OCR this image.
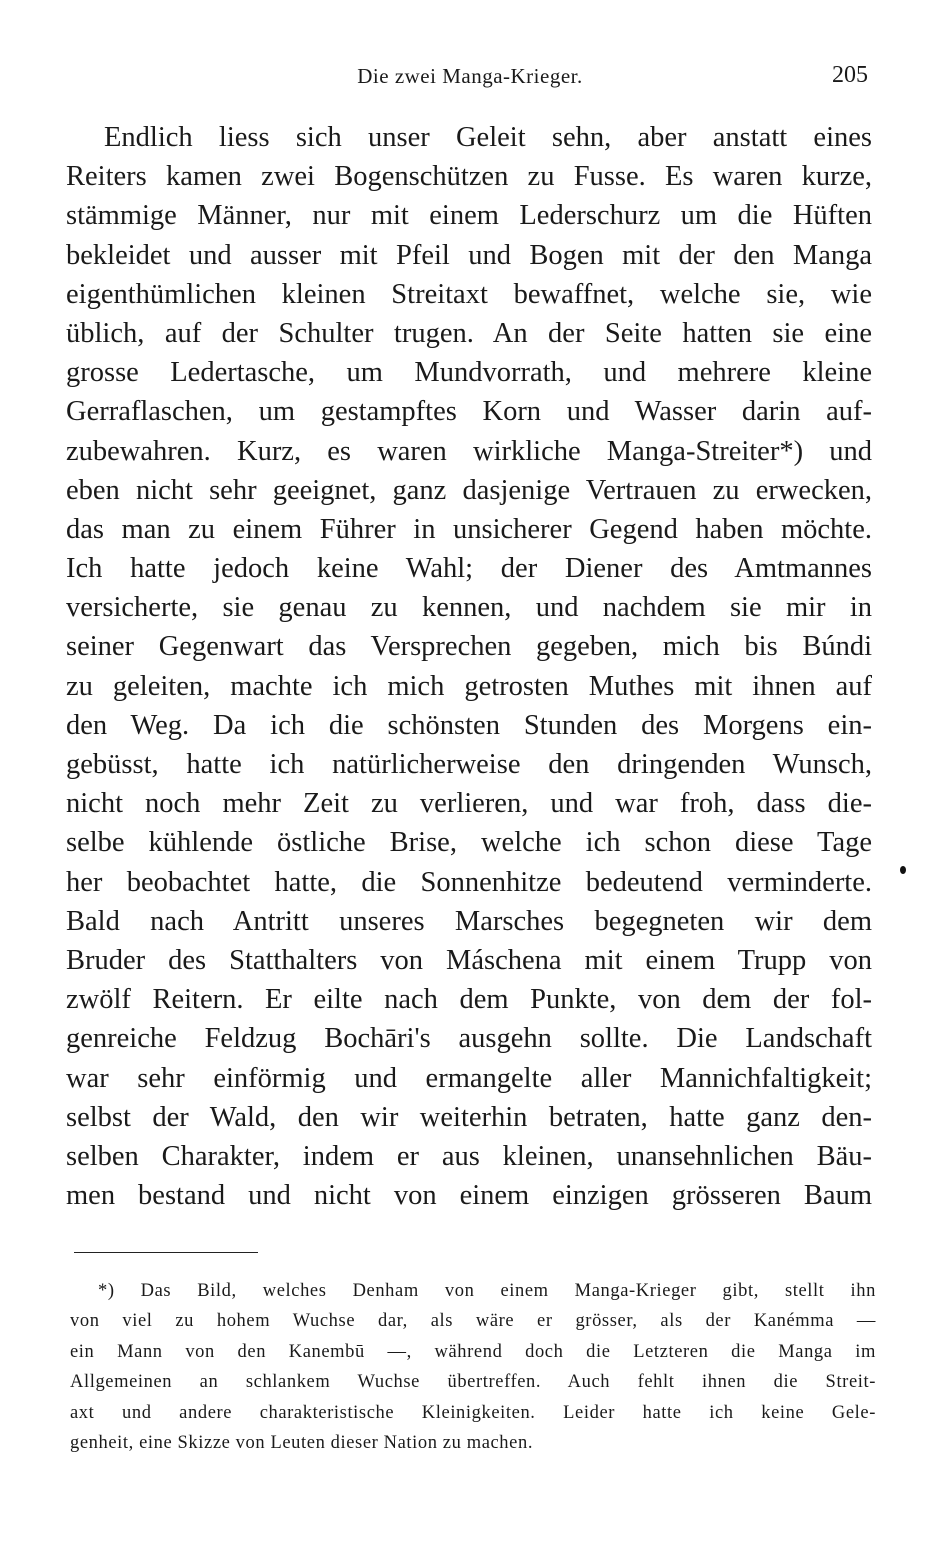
Die zwei Manga-Krieger.	205
Endlich liess sich unser Geleit sehn, aber anstatt eines
Reiters kamen zwei Bogenschützen zu Fusse. Es waren kurze,
stämmige Männer, nur mit einem Lederschurz um die Hüften
bekleidet und ausser mit Pfeil und Bogen mit der den Manga
eigenthümlichen kleinen Streitaxt bewaffnet, welche sie, wie
üblich, auf der Schulter trugen. An der Seite hatten sie eine
grosse Ledertasche, um Mundvorrath, und mehrere kleine
Gerraflaschen, um gestampftes Korn und Wasser darin auf-
zubewahren. Kurz, es waren wirkliche Manga-Streiter*) und
eben nicht sehr geeignet, ganz dasjenige Vertrauen zu erwecken,
das man zu einem Führer in unsicherer Gegend haben möchte.
Ich hatte jedoch keine Wahl; der Diener des Amtmannes
versicherte, sie genau zu kennen, und nachdem sie mir in
seiner Gegenwart das Versprechen gegeben, mich bis Búndi
zu geleiten, machte ich mich getrosten Muthes mit ihnen auf
den Weg. Da ich die schönsten Stunden des Morgens ein-
gebüsst, hatte ich natürlicherweise den dringenden Wunsch,
nicht noch mehr Zeit zu verlieren, und war froh, dass die-
selbe kühlende östliche Brise, welche ich schon diese Tage
her beobachtet hatte, die Sonnenhitze bedeutend verminderte.
Bald nach Antritt unseres Marsches begegneten wir dem
Bruder des Statthalters von Máschena mit einem Trupp von
zwölf Reitern. Er eilte nach dem Punkte, von dem der fol-
genreiche Feldzug Bochāri's ausgehn sollte. Die Landschaft
war sehr einförmig und ermangelte aller Mannichfaltigkeit;
selbst der Wald, den wir weiterhin betraten, hatte ganz den-
selben Charakter, indem er aus kleinen, unansehnlichen Bäu-
men bestand und nicht von einem einzigen grösseren Baum
*) Das Bild, welches Denham von einem Manga-Krieger gibt, stellt ihn
von viel zu hohem Wuchse dar, als wäre er grösser, als der Kanémma —
ein Mann von den Kanembū —, während doch die Letzteren die Manga im
Allgemeinen an schlankem Wuchse übertreffen. Auch fehlt ihnen die Streit-
axt und andere charakteristische Kleinigkeiten. Leider hatte ich keine Gele-
genheit, eine Skizze von Leuten dieser Nation zu machen.
